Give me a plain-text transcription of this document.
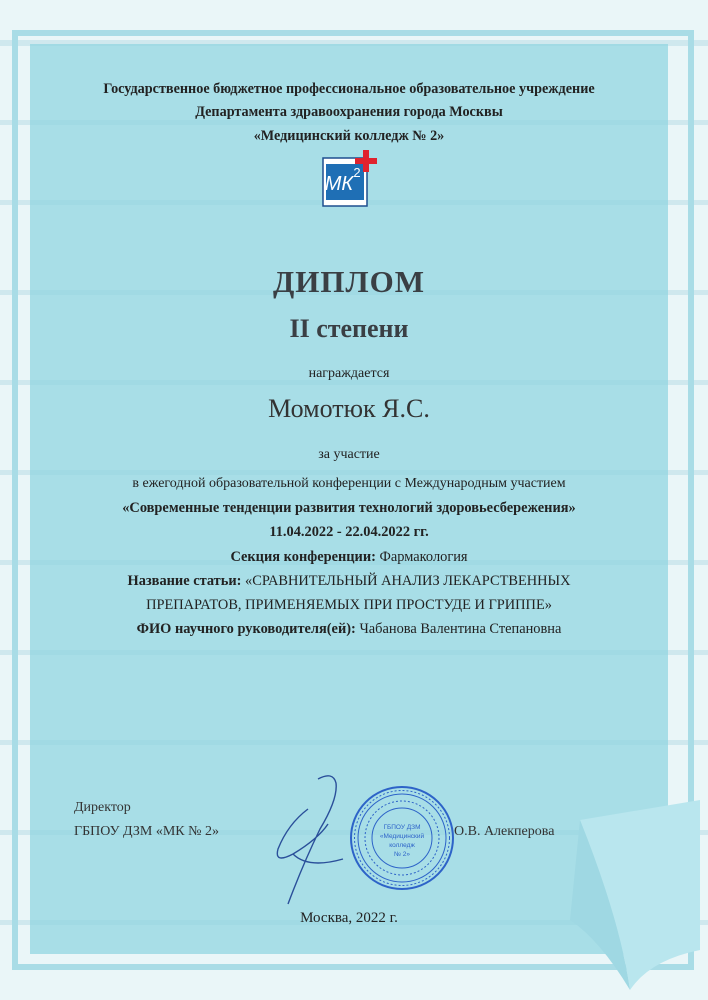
Государственное бюджетное профессиональное образовательное учреждение
Департамента здравоохранения города Москвы
«Медицинский колледж № 2»
МК
2
ДИПЛОМ
II степени
награждается
Момотюк Я.С.
за участие
в ежегодной образовательной конференции с Международным участием
«Современные тенденции развития технологий здоровьесбережения»
11.04.2022 - 22.04.2022 гг.
Секция конференции: Фармакология
Название статьи: «СРАВНИТЕЛЬНЫЙ АНАЛИЗ ЛЕКАРСТВЕННЫХ
ПРЕПАРАТОВ, ПРИМЕНЯЕМЫХ ПРИ ПРОСТУДЕ И ГРИППЕ»
ФИО научного руководителя(ей): Чабанова Валентина Степановна
Директор
ГБПОУ ДЗМ «МК № 2»	О.В. Алекперова
ГБПОУ ДЗМ
«Медицинский
колледж
№ 2»
Москва, 2022 г.
